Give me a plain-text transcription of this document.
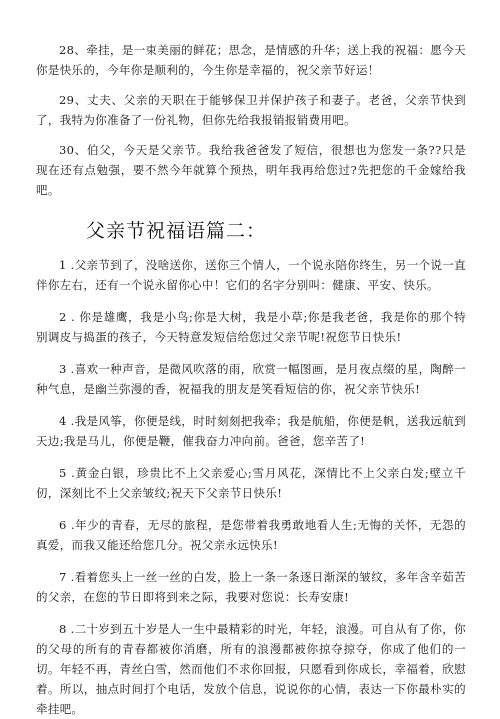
28、牵挂，是一束美丽的鲜花；思念，是情感的升华；送上我的祝福：愿今天你是快乐的，今年你是顺利的，今生你是幸福的，祝父亲节好运！

29、丈夫、父亲的天职在于能够保卫并保护孩子和妻子。老爸，父亲节快到了，我特为你准备了一份礼物，但你先给我报销报销费用吧。

30、伯父，今天是父亲节。我给我爸爸发了短信，很想也为您发一条??只是现在还有点勉强，要不然今年就算个预热，明年我再给您过?先把您的千金嫁给我吧。

父亲节祝福语篇二：

1 .父亲节到了，没啥送你，送你三个情人，一个说永陪你终生，另一个说一直伴你左右，还有一个说永留你心中！它们的名字分别叫：健康、平安、快乐。

2 . 你是雄鹰，我是小鸟;你是大树，我是小草;你是我老爸，我是你的那个特别调皮与捣蛋的孩子，今天特意发短信给您过父亲节呢!祝您节日快乐!

3 .喜欢一种声音，是微风吹落的雨，欣赏一幅图画，是月夜点缀的星，陶醉一种气息，是幽兰弥漫的香，祝福我的朋友是笑看短信的你，祝父亲节快乐!

4 .我是风筝，你便是线，时时刻刻把我牵；我是航船，你便是帆，送我远航到天边;我是马儿，你便是鞭，催我奋力冲向前。爸爸，您辛苦了!

5 .黄金白银，珍贵比不上父亲爱心;雪月风花，深情比不上父亲白发;壁立千仞，深刻比不上父亲皱纹;祝天下父亲节日快乐!

6 .年少的青春，无尽的旅程，是您带着我勇敢地看人生;无悔的关怀，无怨的真爱，而我又能还给您几分。祝父亲永远快乐!

7 .看着您头上一丝一丝的白发，脸上一条一条逐日渐深的皱纹，多年含辛茹苦的父亲，在您的节日即将到来之际，我要对您说：长寿安康!

8 .二十岁到五十岁是人一生中最精彩的时光，年轻，浪漫。可自从有了你，你的父母的所有的青春都被你消磨，所有的浪漫都被你掠夺掠夺，你成了他们的一切。年轻不再，青丝白雪，然而他们不求你回报，只愿看到你成长，幸福着，欣慰着。所以，抽点时间打个电话，发放个信息，说说你的心情，表达一下你最朴实的牵挂吧。
